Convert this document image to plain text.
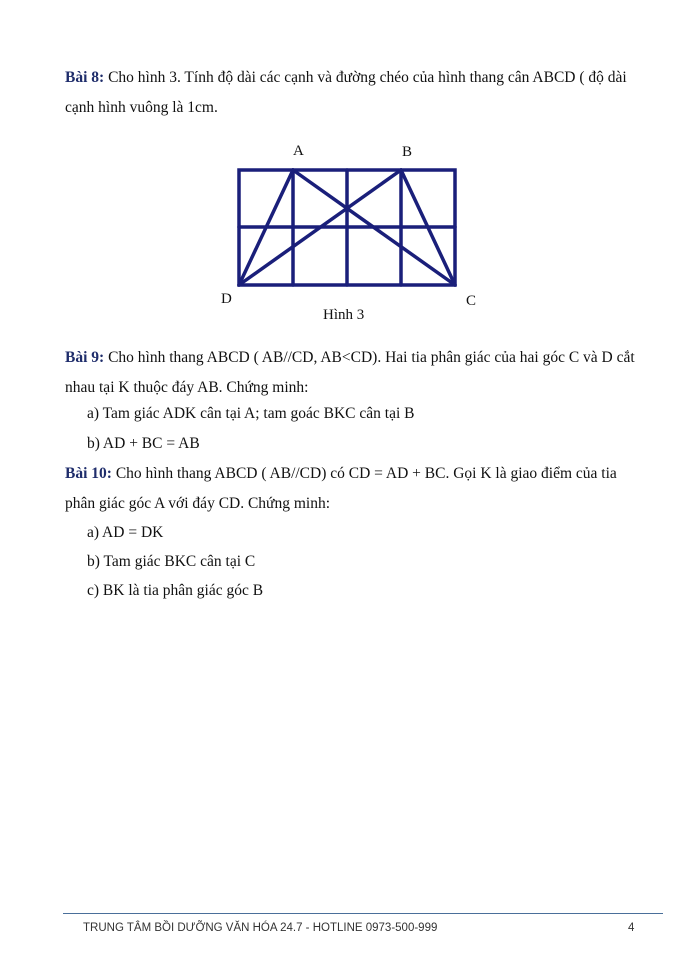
Bài 8: Cho hình 3. Tính độ dài các cạnh và đường chéo của hình thang cân ABCD ( độ dài cạnh hình vuông là 1cm.
A	B
D	C
Hình 3
Bài 9: Cho hình thang ABCD ( AB//CD, AB<CD). Hai tia phân giác của hai góc C và D cắt nhau tại K thuộc đáy AB. Chứng minh:
a) Tam giác ADK cân tại A; tam goác BKC cân tại B
b) AD + BC = AB
Bài 10: Cho hình thang ABCD ( AB//CD) có CD = AD + BC. Gọi K là giao điểm của tia phân giác góc A với đáy CD. Chứng minh:
a) AD = DK
b) Tam giác BKC cân tại C
c) BK là tia phân giác góc B
TRUNG TÂM BỒI DƯỠNG VĂN HÓA 24.7 - HOTLINE 0973-500-999	4
